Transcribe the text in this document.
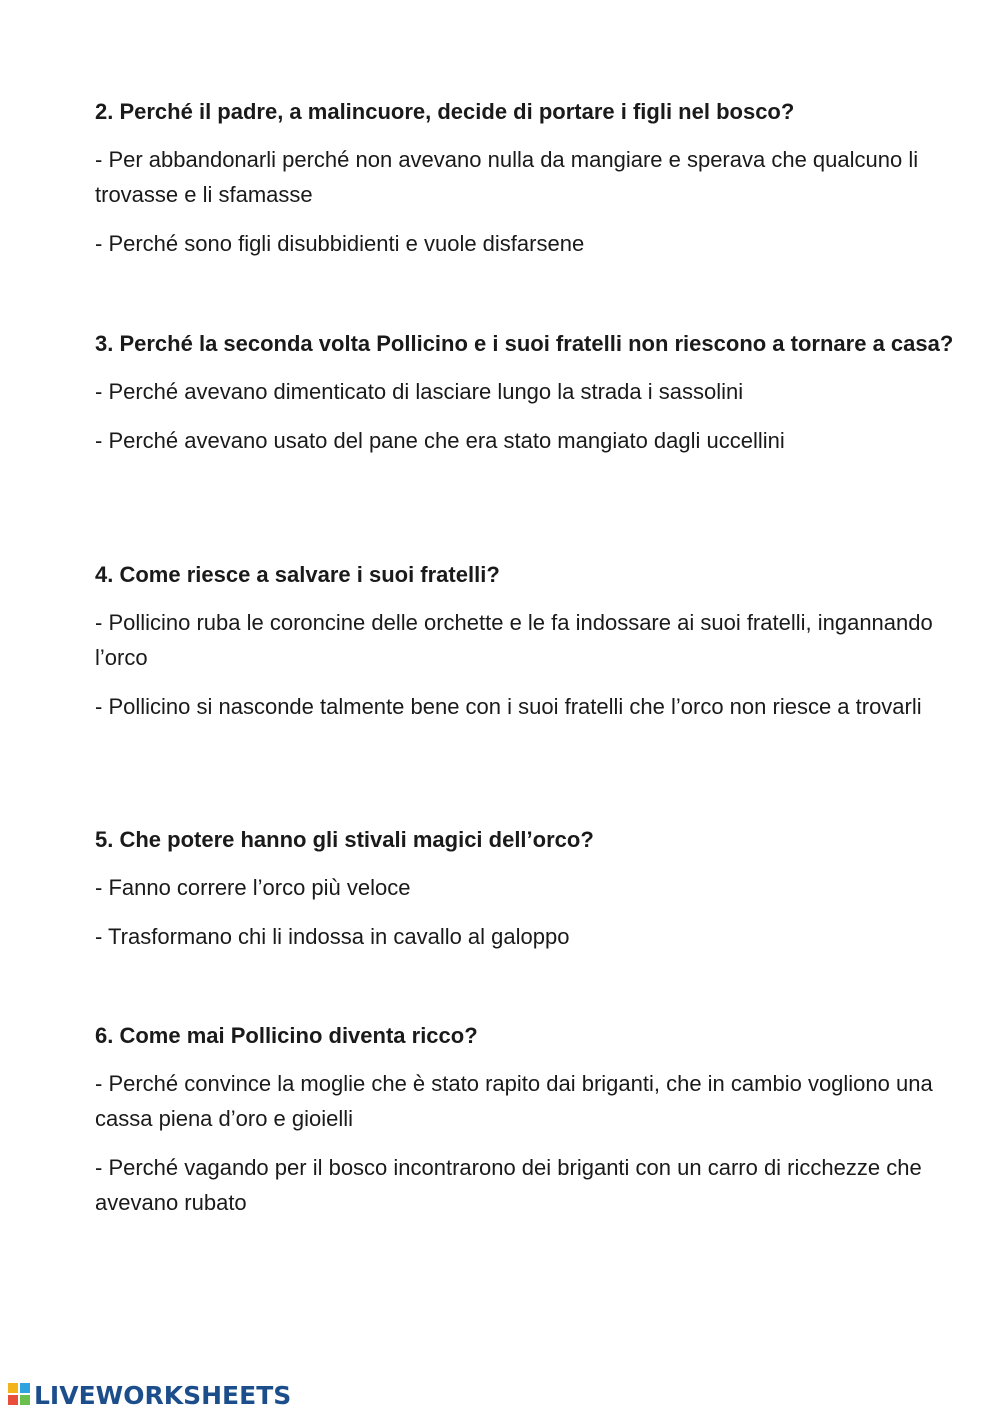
2. Perché il padre, a malincuore, decide di portare i figli nel bosco?
- Per abbandonarli perché non avevano nulla da mangiare e sperava che qualcuno li trovasse e li sfamasse
- Perché sono figli disubbidienti e vuole disfarsene
3. Perché la seconda volta Pollicino e i suoi fratelli non riescono a tornare a casa?
- Perché avevano dimenticato di lasciare lungo la strada i sassolini
- Perché avevano usato del pane che era stato mangiato dagli uccellini
4. Come riesce a salvare i suoi fratelli?
- Pollicino ruba le coroncine delle orchette e le fa indossare ai suoi fratelli, ingannando l’orco
- Pollicino si nasconde talmente bene con i suoi fratelli che l’orco non riesce a trovarli
5. Che potere hanno gli stivali magici dell’orco?
- Fanno correre l’orco più veloce
- Trasformano chi li indossa in cavallo al galoppo
6. Come mai Pollicino diventa ricco?
- Perché convince la moglie che è stato rapito dai briganti, che in cambio vogliono una cassa piena d’oro e gioielli
- Perché vagando per il bosco incontrarono dei briganti con un carro di ricchezze che avevano rubato
LIVEWORKSHEETS
